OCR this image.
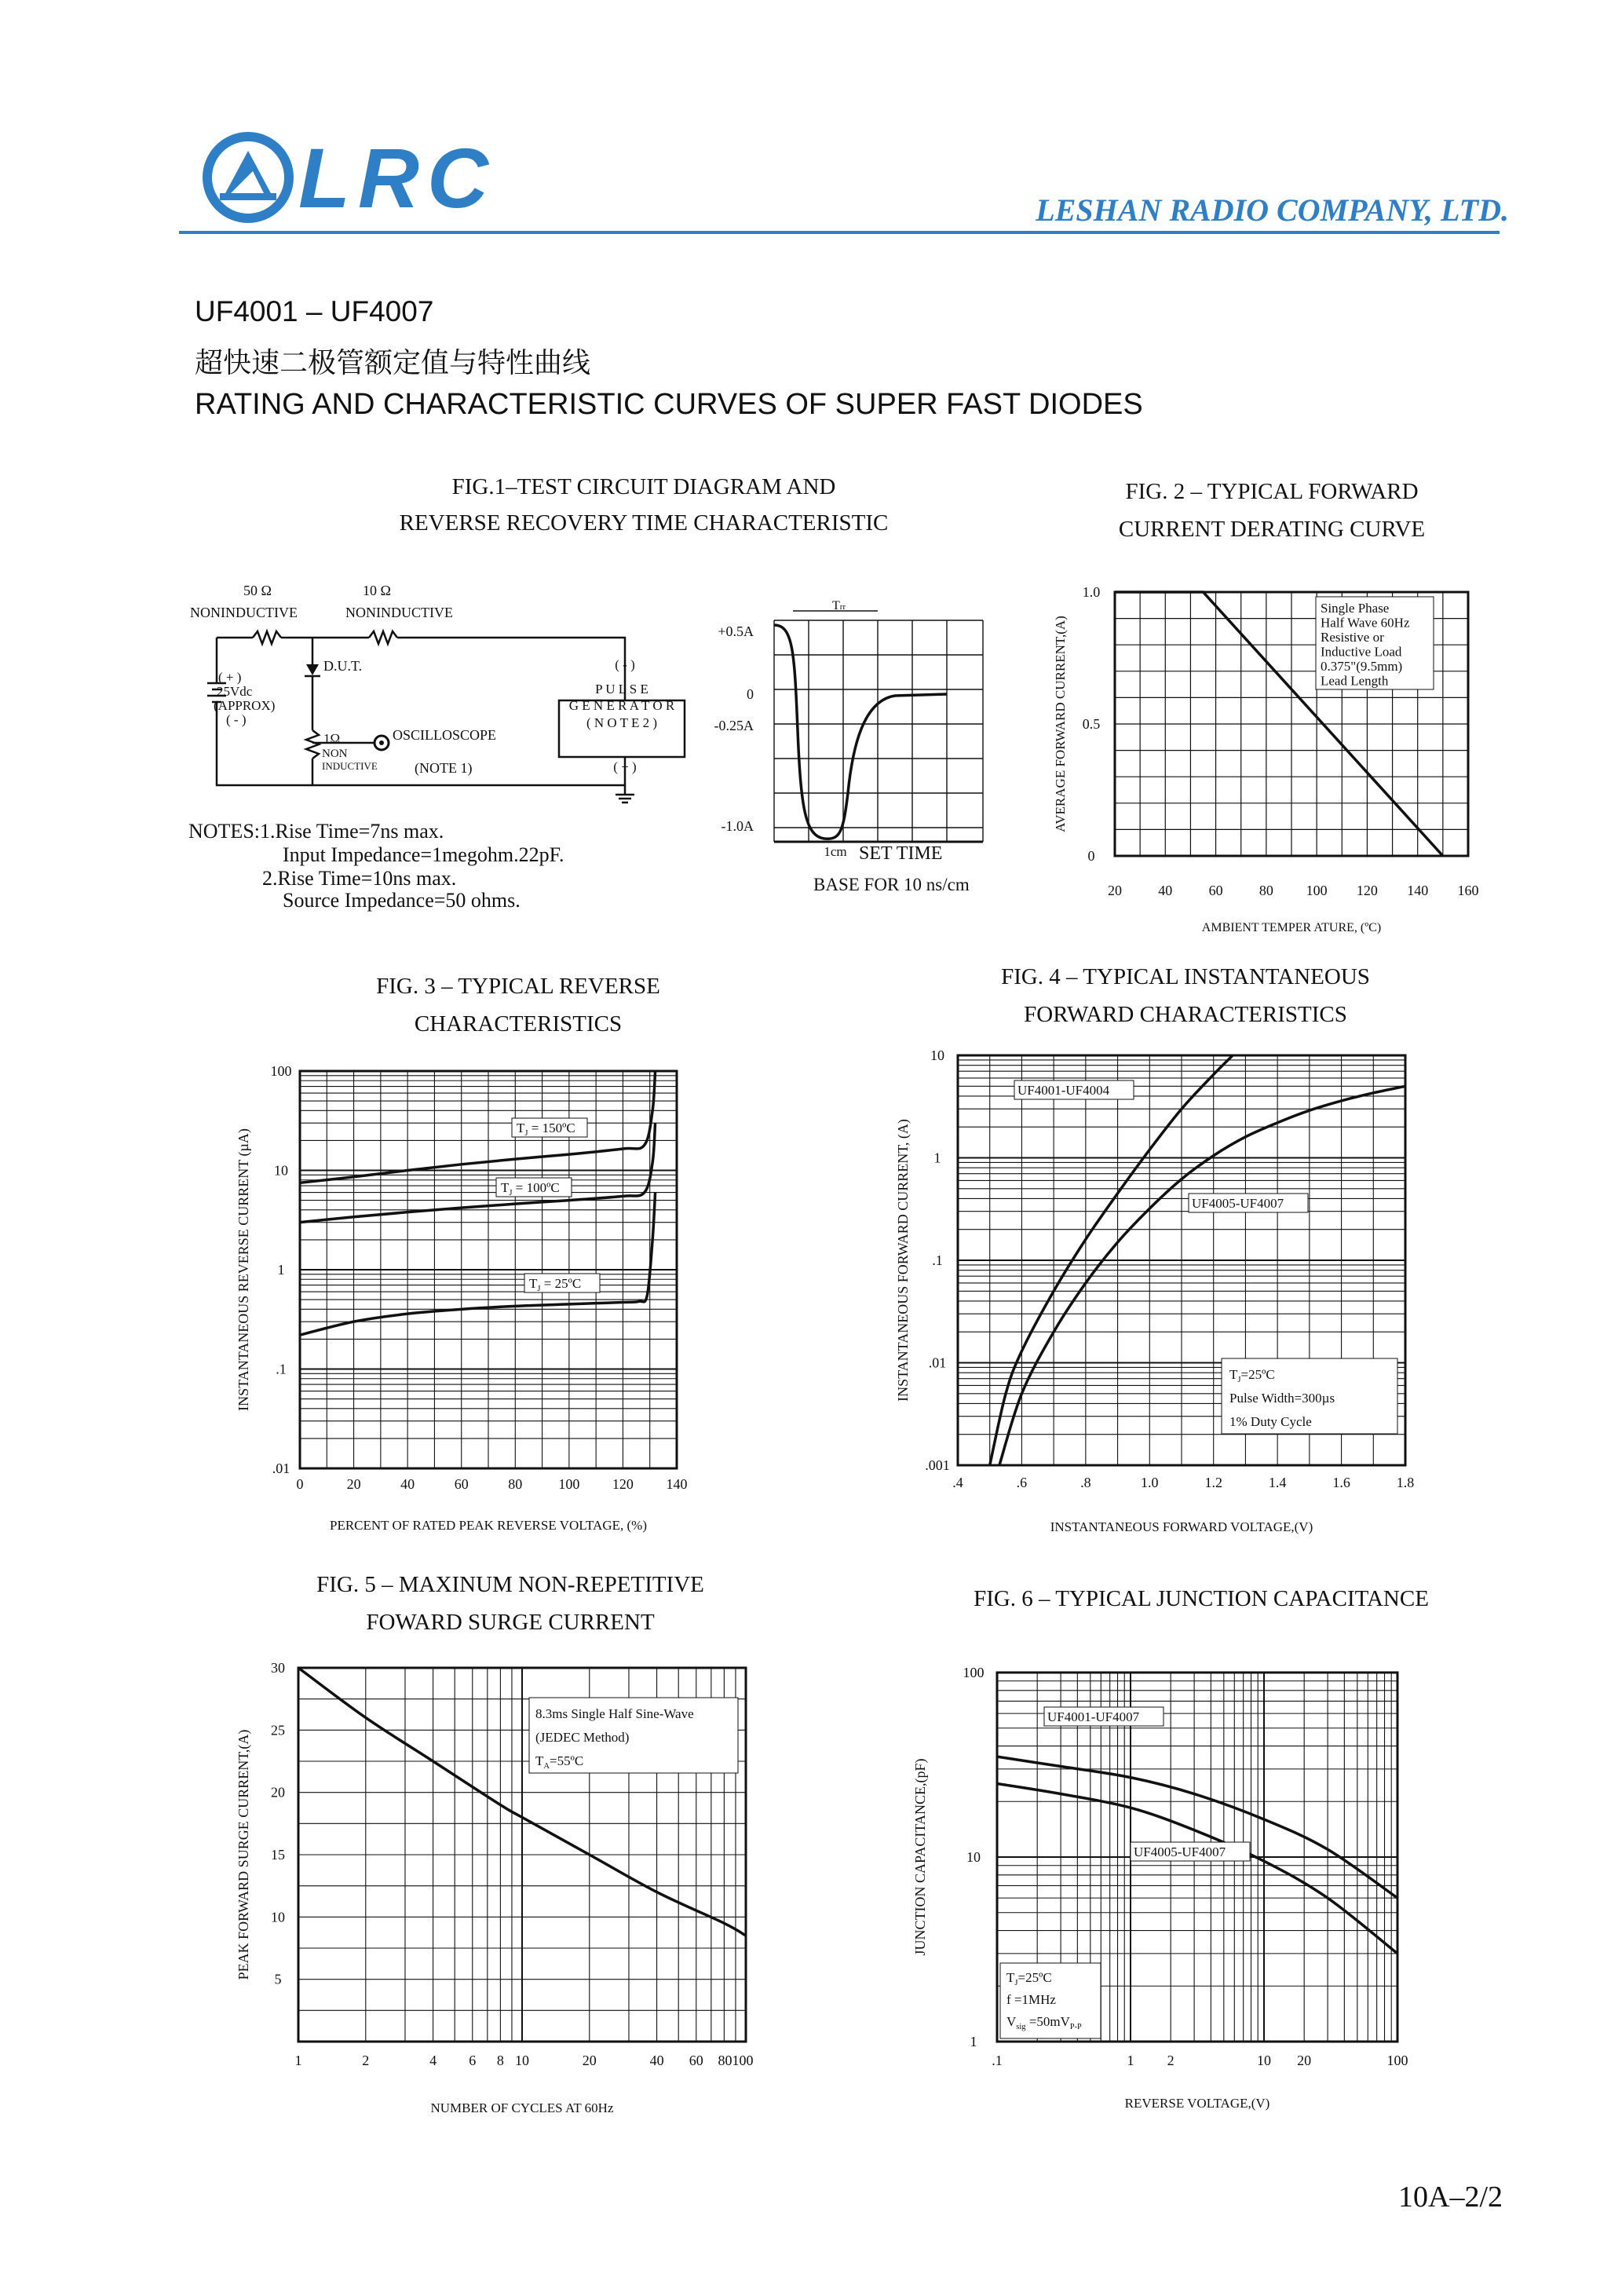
LRC	LESHAN RADIO COMPANY, LTD.
UF4001 – UF4007
超快速二极管额定值与特性曲线
RATING AND CHARACTERISTIC CURVES OF SUPER FAST DIODES
FIG.1–TEST CIRCUIT DIAGRAM AND
REVERSE RECOVERY TIME CHARACTERISTIC
FIG. 2 – TYPICAL FORWARD
CURRENT DERATING CURVE
FIG. 3 – TYPICAL REVERSE
CHARACTERISTICS
FIG. 4 – TYPICAL INSTANTANEOUS
FORWARD CHARACTERISTICS
FIG. 5 – MAXINUM NON-REPETITIVE
FOWARD SURGE CURRENT
FIG. 6 – TYPICAL JUNCTION CAPACITANCE
50 Ω
NONINDUCTIVE
10 Ω
NONINDUCTIVE
D.U.T.
( + )
25Vdc
(APPROX)
( - )
1Ω
NON
INDUCTIVE
OSCILLOSCOPE
(NOTE 1)
( - )
P U L S E
G E N E R A T O R
( N O T E 2 )
( + )
NOTES:1.Rise Time=7ns max.
Input Impedance=1megohm.22pF.
2.Rise Time=10ns max.
Source Impedance=50 ohms.
Trr
+0.5A
0
-0.25A
-1.0A
1cm SET TIME
BASE FOR 10 ns/cm
Single Phase
Half Wave 60Hz
Resistive or
Inductive Load
0.375"(9.5mm)
Lead Length
20	40	60	80 100 120 140 160
0
0.5
1.0
AMBIENT TEMPER ATURE, (ºC)
AVERAGE FORWARD CURRENT,(A)
$T_J$ = 150ºC
$T_J$ = 100ºC
$T_J$ = 25ºC
0	20	40	60	80	100 120 140
.01
.1
1
10
100
PERCENT OF RATED PEAK REVERSE VOLTAGE, (%)
INSTANTANEOUS REVERSE CURRENT (µA)
UF4001-UF4004
UF4005-UF4007
$T_J=25ºC$
Pulse Width=300µs
1% Duty Cycle
.4	.6	.8	1.0	1.2	1.4	1.6	1.8
.001
.01
.1
1
10
INSTANTANEOUS FORWARD VOLTAGE,(V)
INSTANTANEOUS FORWARD CURRENT, (A)
8.3ms Single Half Sine-Wave
(JEDEC Method)
$T_A=55ºC$
1	2	4 6 8 10	20	40 60 80100
5
10
15
20
25
30
NUMBER OF CYCLES AT 60Hz
PEAK FORWARD SURGE CURRENT,(A)
UF4001-UF4007
UF4005-UF4007
$T_J=25ºC$
f =1MHz
$V_{sig} =50mV_{P-P}$
.1	1 2	10 20	100
1
10
100
REVERSE VOLTAGE,(V)
JUNCTION CAPACITANCE,(pF)
10A–2/2
